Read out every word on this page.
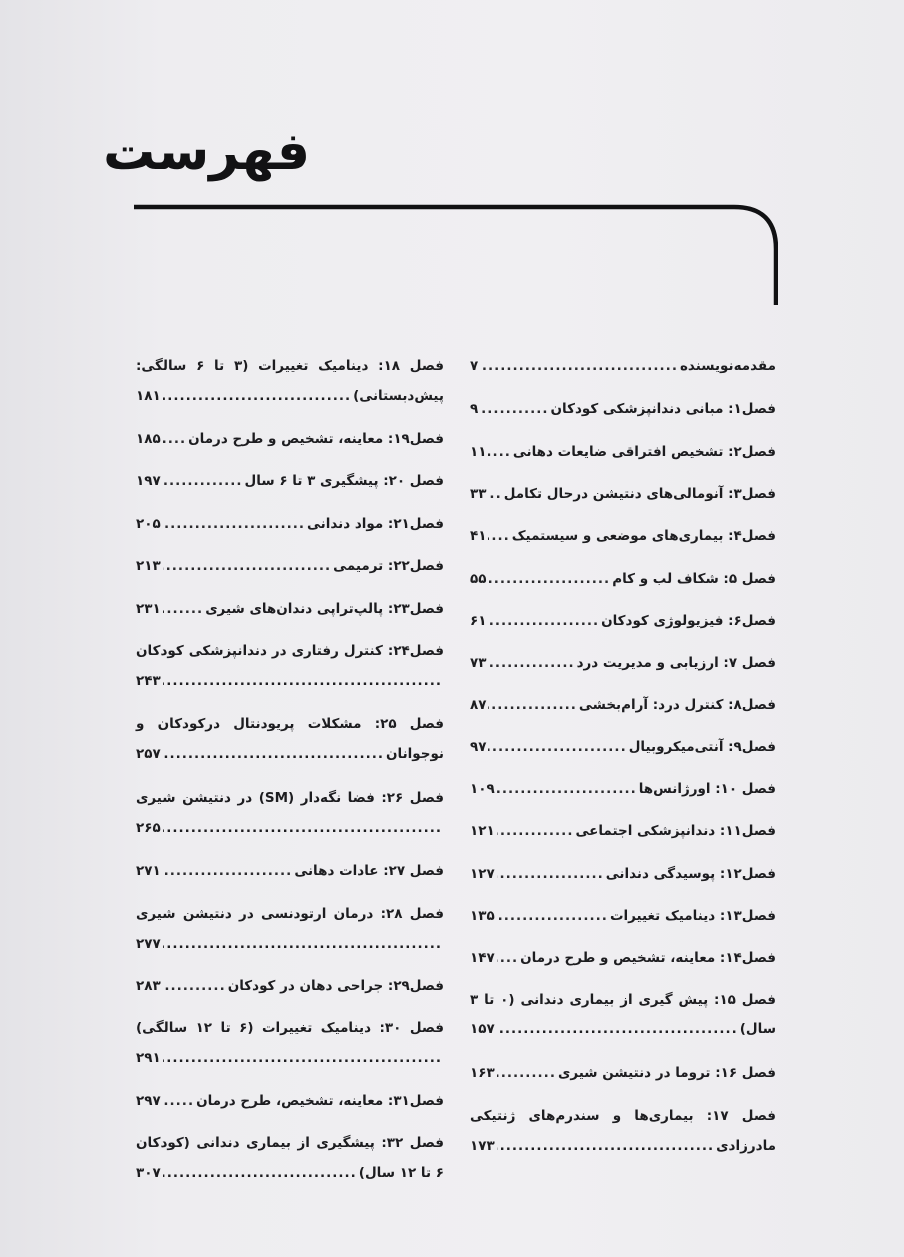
فهرست
مقدمه‌نویسنده
.....
۷
فصل۱: مبانی دندانپزشکی کودکان
.....
۹
فصل۲: تشخیص افتراقی ضایعات دهانی
.....
۱۱
فصل۳: آنومالی‌های دنتیشن درحال تکامل
.....
۳۳
فصل۴: بیماری‌های موضعی و سیستمیک
.....
۴۱
فصل ۵: شکاف لب و کام
.....
۵۵
فصل۶: فیزیولوژی کودکان
.....
۶۱
فصل ۷: ارزیابی و مدیریت درد
.....
۷۳
فصل۸: کنترل درد: آرام‌بخشی
.....
۸۷
فصل۹: آنتی‌میکروبیال
.....
۹۷
فصل ۱۰: اورژانس‌ها
.....
۱۰۹
فصل۱۱: دندانپزشکی اجتماعی
.....
۱۲۱
فصل۱۲: پوسیدگی دندانی
.....
۱۲۷
فصل۱۳: دینامیک تغییرات
.....
۱۳۵
فصل۱۴: معاینه، تشخیص و طرح درمان
.....
۱۴۷
فصل ۱۵: پیش گیری از بیماری دندانی (۰ تا ۳
سال)
.....
۱۵۷
فصل ۱۶: تروما در دنتیشن شیری
.....
۱۶۳
فصل ۱۷: بیماری‌ها و سندرم‌های ژنتیکی
مادرزادی
.....
۱۷۳
فصل ۱۸: دینامیک تغییرات (۳ تا ۶ سالگی:
پیش‌دبستانی)
.....
۱۸۱
فصل۱۹: معاینه، تشخیص و طرح درمان
.....
۱۸۵
فصل ۲۰: پیشگیری ۳ تا ۶ سال
.....
۱۹۷
فصل۲۱: مواد دندانی
.....
۲۰۵
فصل۲۲: ترمیمی
.....
۲۱۳
فصل۲۳: پالپ‌تراپی دندان‌های شیری
.....
۲۳۱
فصل۲۴: کنترل رفتاری در دندانپزشکی کودکان
.....
۲۴۳
فصل ۲۵: مشکلات پریودنتال درکودکان و
نوجوانان
.....
۲۵۷
فصل ۲۶: فضا نگه‌دار (SM) در دنتیشن شیری
.....
۲۶۵
فصل ۲۷: عادات دهانی
.....
۲۷۱
فصل ۲۸: درمان ارتودنسی در دنتیشن شیری
.....
۲۷۷
فصل۲۹: جراحی دهان در کودکان
.....
۲۸۳
فصل ۳۰: دینامیک تغییرات (۶ تا ۱۲ سالگی)
.....
۲۹۱
فصل۳۱: معاینه، تشخیص، طرح درمان
.....
۲۹۷
فصل ۳۲: پیشگیری از بیماری دندانی (کودکان
۶ تا ۱۲ سال)
.....
۳۰۷
